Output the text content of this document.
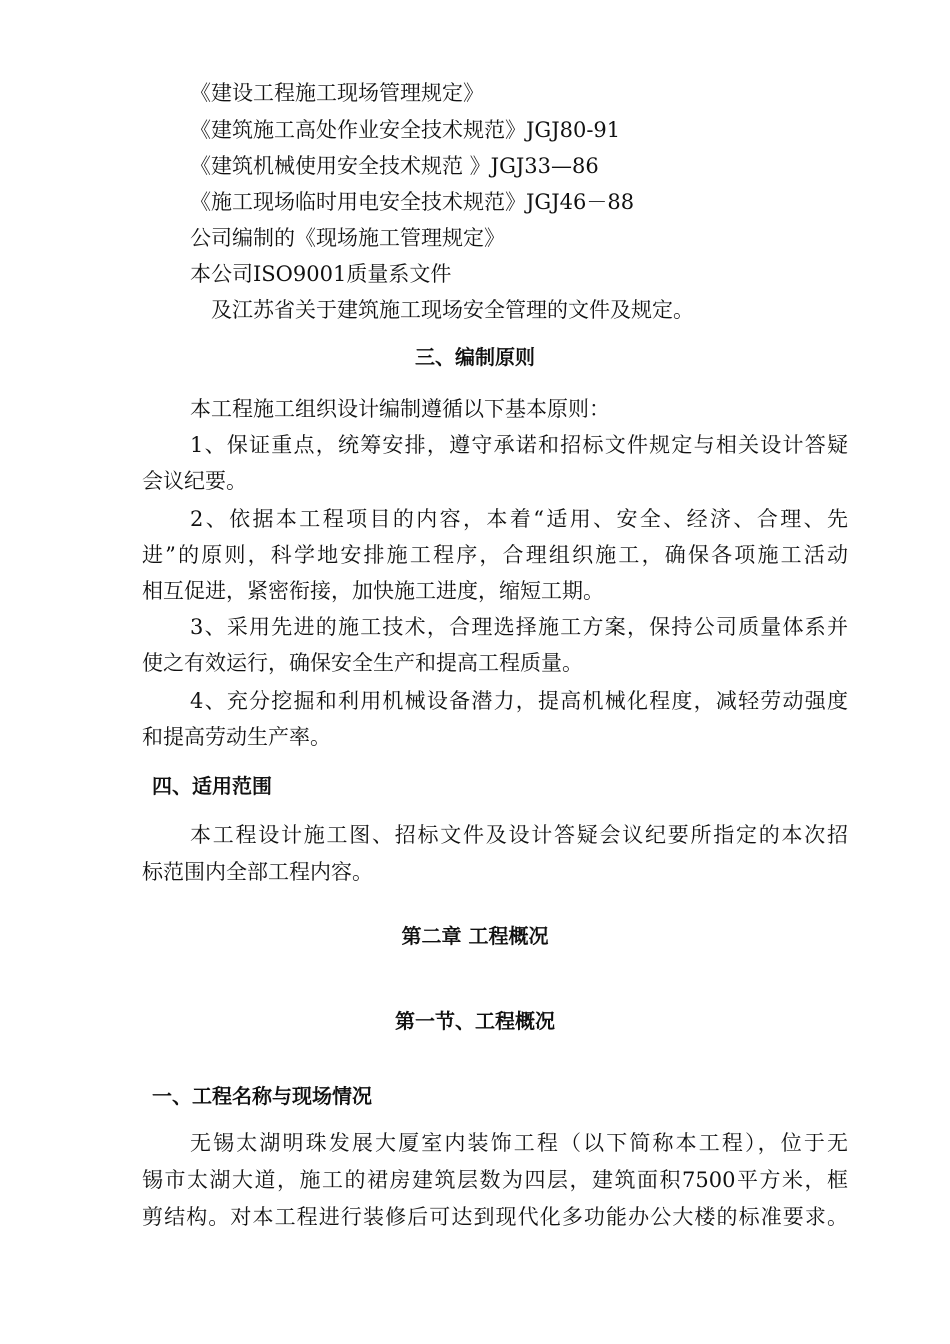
《建设工程施工现场管理规定》
《建筑施工高处作业安全技术规范》JGJ80-91
《建筑机械使用安全技术规范 》JGJ33—86
《施工现场临时用电安全技术规范》JGJ46－88
公司编制的《现场施工管理规定》
本公司ISO9001质量系文件
及江苏省关于建筑施工现场安全管理的文件及规定。
三、编制原则
本工程施工组织设计编制遵循以下基本原则：
1、保证重点，统筹安排，遵守承诺和招标文件规定与相关设计答疑
会议纪要。
2、依据本工程项目的内容，本着“适用、安全、经济、合理、先
进”的原则，科学地安排施工程序，合理组织施工，确保各项施工活动
相互促进，紧密衔接，加快施工进度，缩短工期。
3、采用先进的施工技术，合理选择施工方案，保持公司质量体系并
使之有效运行，确保安全生产和提高工程质量。
4、充分挖掘和利用机械设备潜力，提高机械化程度，减轻劳动强度
和提高劳动生产率。
四、适用范围
本工程设计施工图、招标文件及设计答疑会议纪要所指定的本次招
标范围内全部工程内容。
第二章 工程概况
第一节、工程概况
一、工程名称与现场情况
无锡太湖明珠发展大厦室内装饰工程（以下简称本工程），位于无
锡市太湖大道，施工的裙房建筑层数为四层，建筑面积7500平方米，框
剪结构。对本工程进行装修后可达到现代化多功能办公大楼的标准要求。
